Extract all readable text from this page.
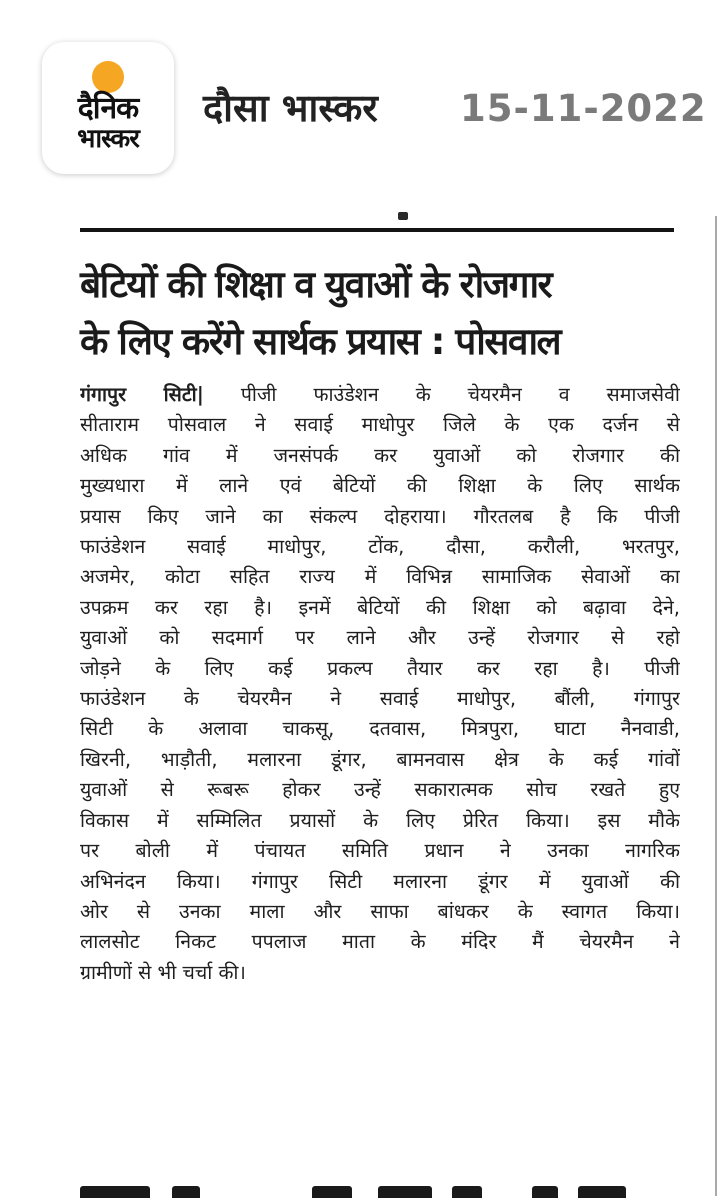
दैनिक
भास्कर
दौसा भास्कर 15-11-2022
बेटियों की शिक्षा व युवाओं के रोजगार
के लिए करेंगे सार्थक प्रयास : पोसवाल
गंगापुर सिटी| पीजी फाउंडेशन के चेयरमैन व समाजसेवी
सीताराम पोसवाल ने सवाई माधोपुर जिले के एक दर्जन से
अधिक गांव में जनसंपर्क कर युवाओं को रोजगार की
मुख्यधारा में लाने एवं बेटियों की शिक्षा के लिए सार्थक
प्रयास किए जाने का संकल्प दोहराया। गौरतलब है कि पीजी
फाउंडेशन सवाई माधोपुर, टोंक, दौसा, करौली, भरतपुर,
अजमेर, कोटा सहित राज्य में विभिन्न सामाजिक सेवाओं का
उपक्रम कर रहा है। इनमें बेटियों की शिक्षा को बढ़ावा देने,
युवाओं को सदमार्ग पर लाने और उन्हें रोजगार से रहो
जोड़ने के लिए कई प्रकल्प तैयार कर रहा है। पीजी
फाउंडेशन के चेयरमैन ने सवाई माधोपुर, बौंली, गंगापुर
सिटी के अलावा चाकसू, दतवास, मित्रपुरा, घाटा नैनवाडी,
खिरनी, भाड़ौती, मलारना डूंगर, बामनवास क्षेत्र के कई गांवों
युवाओं से रूबरू होकर उन्हें सकारात्मक सोच रखते हुए
विकास में सम्मिलित प्रयासों के लिए प्रेरित किया। इस मौके
पर बोली में पंचायत समिति प्रधान ने उनका नागरिक
अभिनंदन किया। गंगापुर सिटी मलारना डूंगर में युवाओं की
ओर से उनका माला और साफा बांधकर के स्वागत किया।
लालसोट निकट पपलाज माता के मंदिर मैं चेयरमैन ने
ग्रामीणों से भी चर्चा की।
